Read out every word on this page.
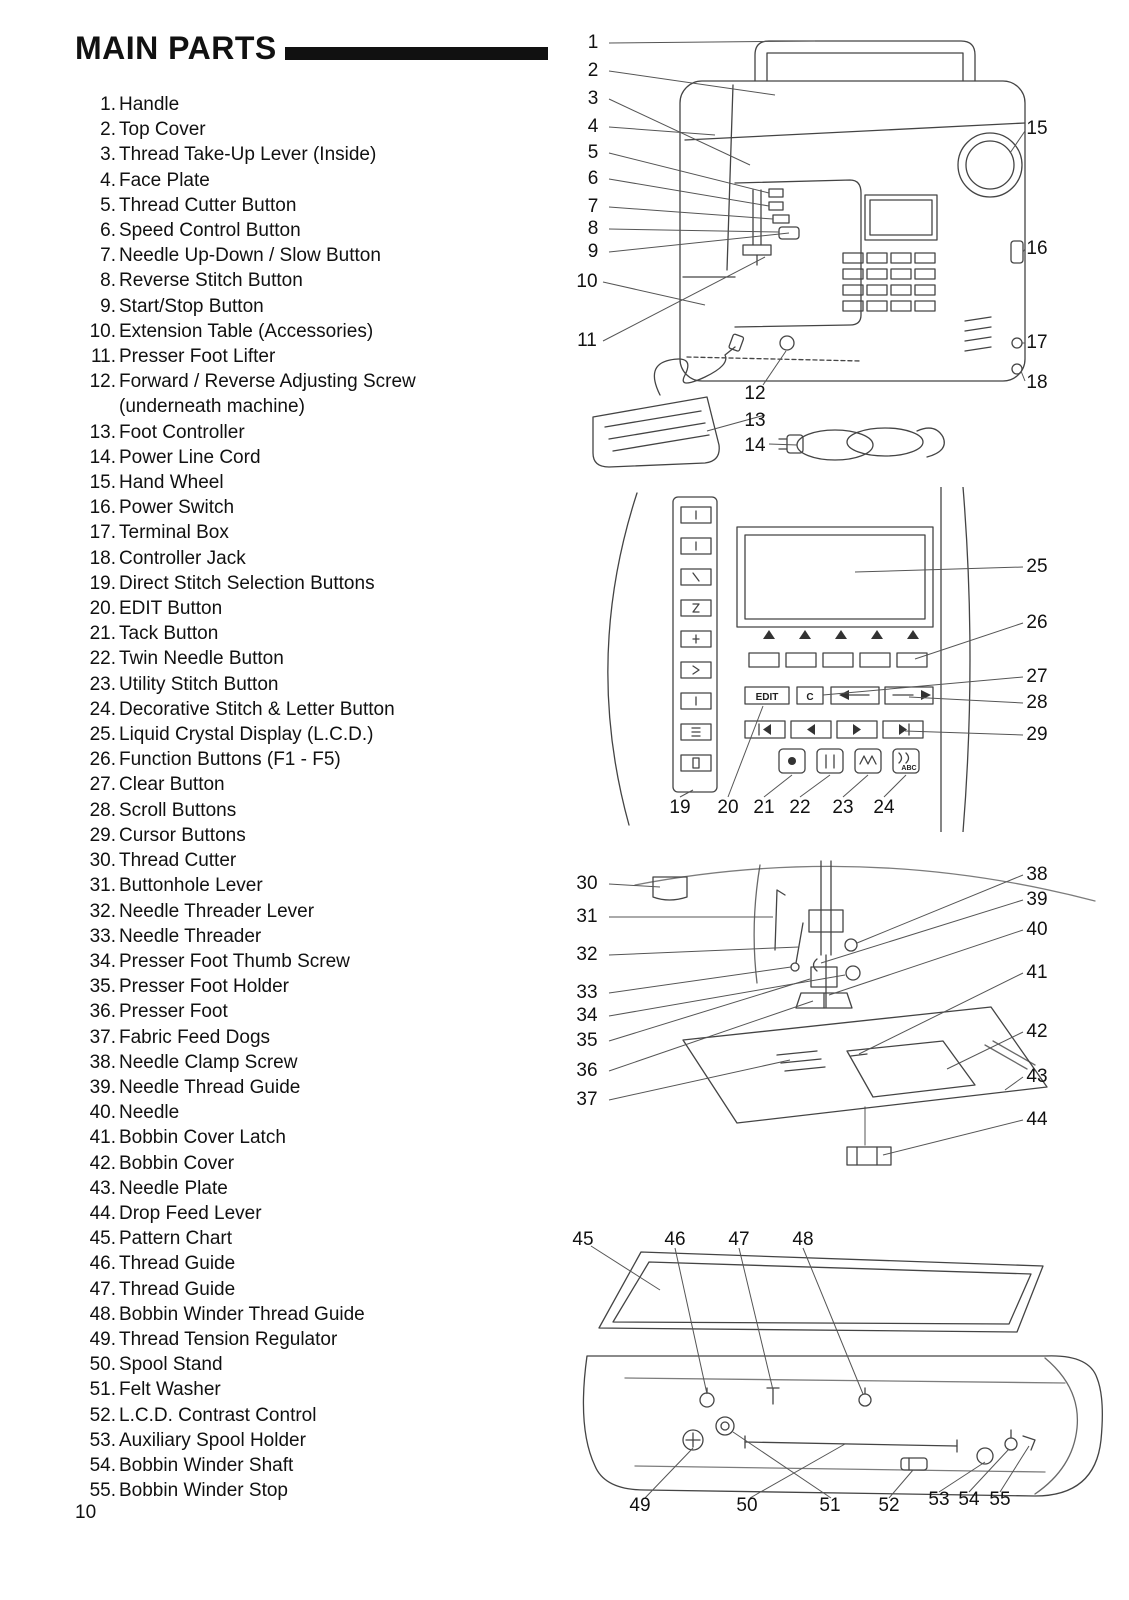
MAIN PARTS
1. Handle
2. Top Cover
3. Thread Take-Up Lever (Inside)
4. Face Plate
5. Thread Cutter Button
6. Speed Control Button
7. Needle Up-Down / Slow Button
8. Reverse Stitch Button
9. Start/Stop Button
10. Extension Table (Accessories)
11. Presser Foot Lifter
12. Forward / Reverse Adjusting Screw
(underneath machine)
13. Foot Controller
14. Power Line Cord
15. Hand Wheel
16. Power Switch
17. Terminal Box
18. Controller Jack
19. Direct Stitch Selection Buttons
20. EDIT Button
21. Tack Button
22. Twin Needle Button
23. Utility Stitch Button
24. Decorative Stitch & Letter Button
25. Liquid Crystal Display (L.C.D.)
26. Function Buttons (F1 - F5)
27. Clear Button
28. Scroll Buttons
29. Cursor Buttons
30. Thread Cutter
31. Buttonhole Lever
32. Needle Threader Lever
33. Needle Threader
34. Presser Foot Thumb Screw
35. Presser Foot Holder
36. Presser Foot
37. Fabric Feed Dogs
38. Needle Clamp Screw
39. Needle Thread Guide
40. Needle
41. Bobbin Cover Latch
42. Bobbin Cover
43. Needle Plate
44. Drop Feed Lever
45. Pattern Chart
46. Thread Guide
47. Thread Guide
48. Bobbin Winder Thread Guide
49. Thread Tension Regulator
50. Spool Stand
51. Felt Washer
52. L.C.D. Contrast Control
53. Auxiliary Spool Holder
54. Bobbin Winder Shaft
55. Bobbin Winder Stop
10
1
2
3
4
5
6
7
8
9
10
11
12
13
14
15
16
17
18
EDIT	C
ABC
19 20 21 22 23 24
25
26
27
28
29
30
31
32
33
34
35
36
37
38
39
40
41
42
43
44
45	46 47 48
49	50	51 52 53 54 55
